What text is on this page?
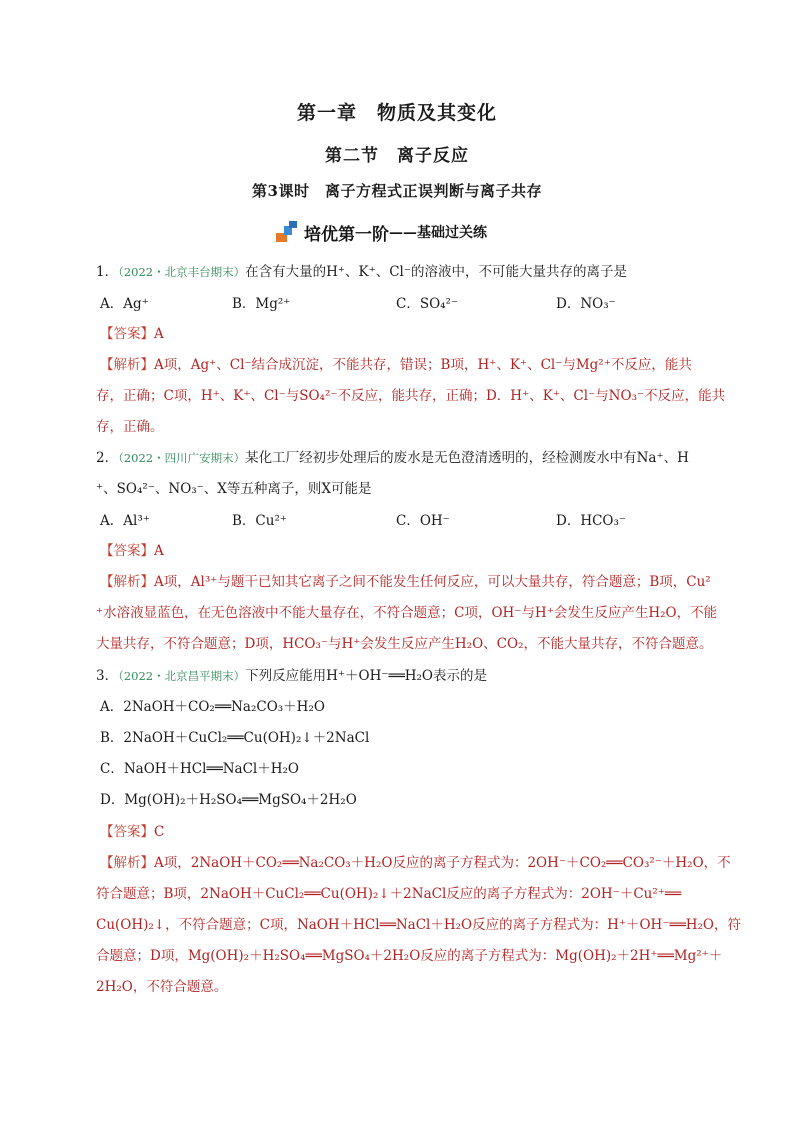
第一章　物质及其变化
第二节　离子反应
第3课时　离子方程式正误判断与离子共存
培优第一阶 ——基础过关练
1．（2022・北京丰台期末）在含有大量的H⁺、K⁺、Cl⁻的溶液中，不可能大量共存的离子是
A．Ag⁺	B．Mg²⁺	C．SO₄²⁻	D．NO₃⁻
【答案】A
【解析】A项，Ag⁺、Cl⁻结合成沉淀，不能共存，错误；B项，H⁺、K⁺、Cl⁻与Mg²⁺不反应，能共
存，正确；C项，H⁺、K⁺、Cl⁻与SO₄²⁻不反应，能共存，正确；D．H⁺、K⁺、Cl⁻与NO₃⁻不反应，能共
存，正确。
2．（2022・四川广安期末）某化工厂经初步处理后的废水是无色澄清透明的，经检测废水中有Na⁺、H
⁺、SO₄²⁻、NO₃⁻、X等五种离子，则X可能是
A．Al³⁺	B．Cu²⁺	C．OH⁻	D．HCO₃⁻
【答案】A
【解析】A项，Al³⁺与题干已知其它离子之间不能发生任何反应，可以大量共存，符合题意；B项，Cu²
⁺水溶液显蓝色，在无色溶液中不能大量存在，不符合题意；C项，OH⁻与H⁺会发生反应产生H₂O，不能
大量共存，不符合题意；D项，HCO₃⁻与H⁺会发生反应产生H₂O、CO₂，不能大量共存，不符合题意。
3．（2022・北京昌平期末）下列反应能用H⁺＋OH⁻══H₂O表示的是
A．2NaOH＋CO₂══Na₂CO₃＋H₂O
B．2NaOH＋CuCl₂══Cu(OH)₂↓＋2NaCl
C．NaOH＋HCl══NaCl＋H₂O
D．Mg(OH)₂＋H₂SO₄══MgSO₄＋2H₂O
【答案】C
【解析】A项，2NaOH＋CO₂══Na₂CO₃＋H₂O反应的离子方程式为：2OH⁻＋CO₂══CO₃²⁻＋H₂O，不
符合题意；B项，2NaOH＋CuCl₂══Cu(OH)₂↓＋2NaCl反应的离子方程式为：2OH⁻＋Cu²⁺══
Cu(OH)₂↓，不符合题意；C项，NaOH＋HCl══NaCl＋H₂O反应的离子方程式为：H⁺＋OH⁻══H₂O，符
合题意；D项，Mg(OH)₂＋H₂SO₄══MgSO₄＋2H₂O反应的离子方程式为：Mg(OH)₂＋2H⁺══Mg²⁺＋
2H₂O，不符合题意。
